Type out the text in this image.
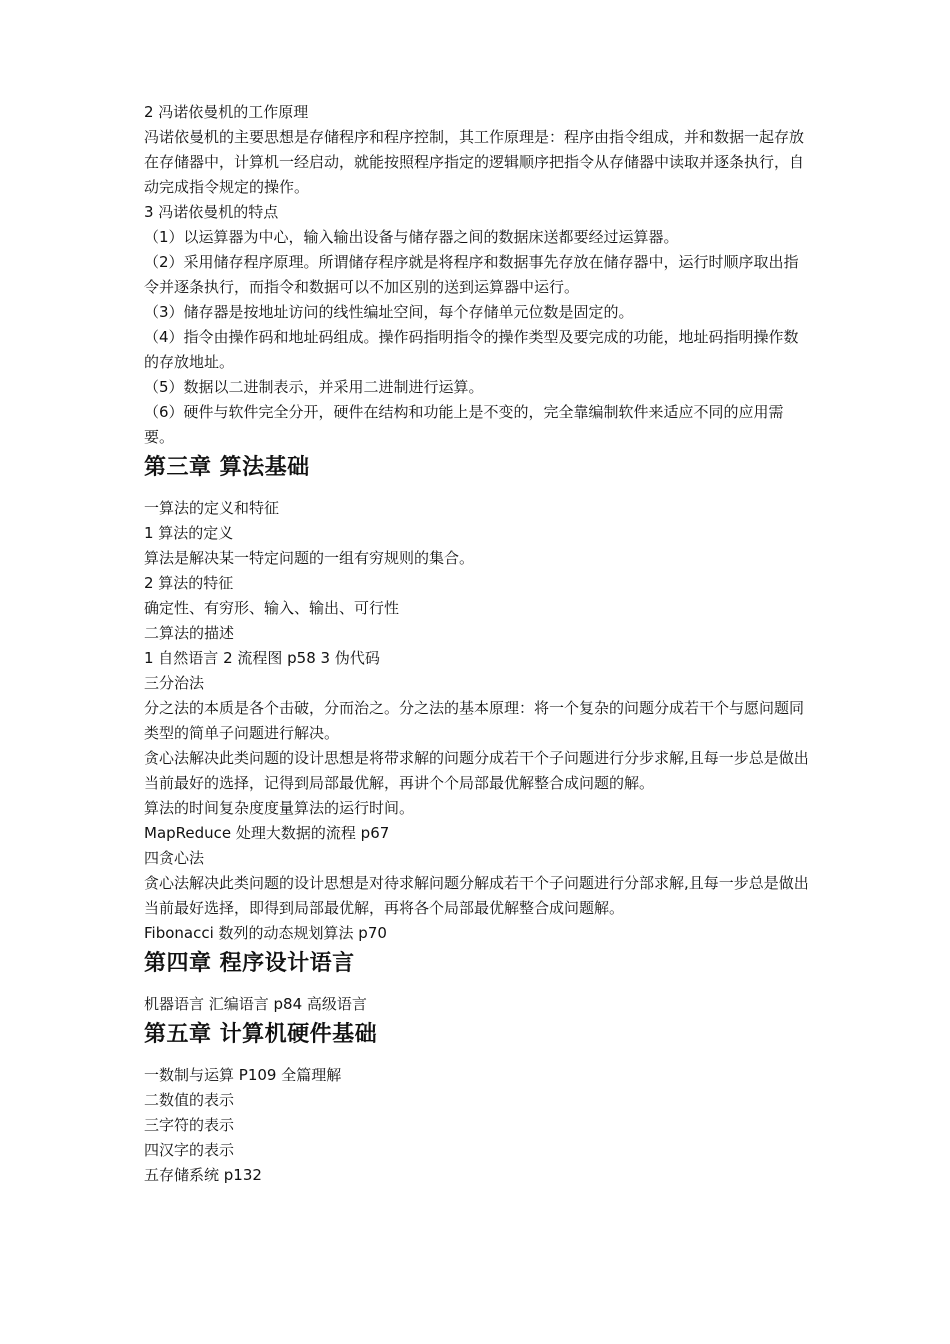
2 冯诺依曼机的工作原理

冯诺依曼机的主要思想是存储程序和程序控制，其工作原理是：程序由指令组成，并和数据一起存放在存储器中，计算机一经启动，就能按照程序指定的逻辑顺序把指令从存储器中读取并逐条执行，自动完成指令规定的操作。

3 冯诺依曼机的特点

（1）以运算器为中心，输入输出设备与储存器之间的数据床送都要经过运算器。

（2）采用储存程序原理。所谓储存程序就是将程序和数据事先存放在储存器中，运行时顺序取出指令并逐条执行，而指令和数据可以不加区别的送到运算器中运行。

（3）储存器是按地址访问的线性编址空间，每个存储单元位数是固定的。

（4）指令由操作码和地址码组成。操作码指明指令的操作类型及要完成的功能，地址码指明操作数的存放地址。

（5）数据以二进制表示，并采用二进制进行运算。

（6）硬件与软件完全分开，硬件在结构和功能上是不变的，完全靠编制软件来适应不同的应用需要。

第三章 算法基础

一算法的定义和特征

1 算法的定义

算法是解决某一特定问题的一组有穷规则的集合。

2 算法的特征

确定性、有穷形、输入、输出、可行性

二算法的描述

1 自然语言 2 流程图 p58 3 伪代码

三分治法

分之法的本质是各个击破，分而治之。分之法的基本原理：将一个复杂的问题分成若干个与愿问题同类型的简单子问题进行解决。

贪心法解决此类问题的设计思想是将带求解的问题分成若干个子问题进行分步求解,且每一步总是做出当前最好的选择，记得到局部最优解，再讲个个局部最优解整合成问题的解。

算法的时间复杂度度量算法的运行时间。

MapReduce 处理大数据的流程 p67

四贪心法

贪心法解决此类问题的设计思想是对待求解问题分解成若干个子问题进行分部求解,且每一步总是做出当前最好选择，即得到局部最优解，再将各个局部最优解整合成问题解。

Fibonacci 数列的动态规划算法 p70

第四章 程序设计语言

机器语言 汇编语言 p84 高级语言

第五章 计算机硬件基础

一数制与运算 P109 全篇理解

二数值的表示

三字符的表示

四汉字的表示

五存储系统 p132
